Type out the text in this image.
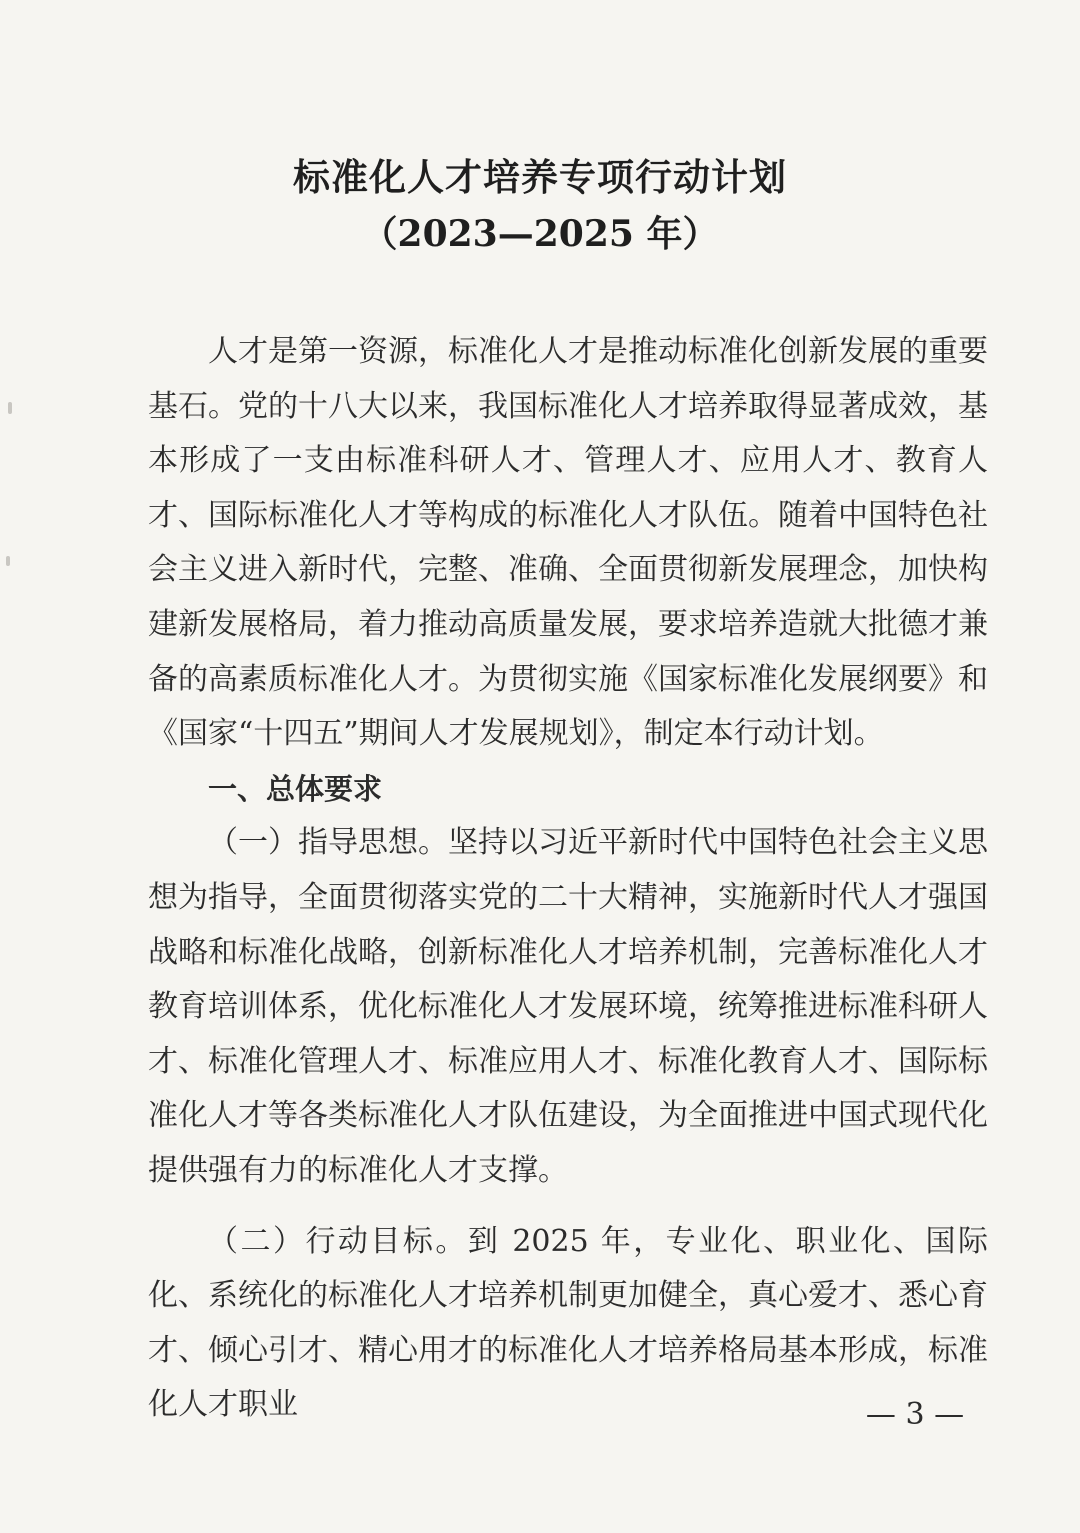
标准化人才培养专项行动计划
（2023—2025 年）

人才是第一资源，标准化人才是推动标准化创新发展的重要基石。党的十八大以来，我国标准化人才培养取得显著成效，基本形成了一支由标准科研人才、管理人才、应用人才、教育人才、国际标准化人才等构成的标准化人才队伍。随着中国特色社会主义进入新时代，完整、准确、全面贯彻新发展理念，加快构建新发展格局，着力推动高质量发展，要求培养造就大批德才兼备的高素质标准化人才。为贯彻实施《国家标准化发展纲要》和《国家“十四五”期间人才发展规划》，制定本行动计划。

一、总体要求

（一）指导思想。坚持以习近平新时代中国特色社会主义思想为指导，全面贯彻落实党的二十大精神，实施新时代人才强国战略和标准化战略，创新标准化人才培养机制，完善标准化人才教育培训体系，优化标准化人才发展环境，统筹推进标准科研人才、标准化管理人才、标准应用人才、标准化教育人才、国际标准化人才等各类标准化人才队伍建设，为全面推进中国式现代化提供强有力的标准化人才支撑。

（二）行动目标。到 2025 年，专业化、职业化、国际化、系统化的标准化人才培养机制更加健全，真心爱才、悉心育才、倾心引才、精心用才的标准化人才培养格局基本形成，标准化人才职业	— 3 —
